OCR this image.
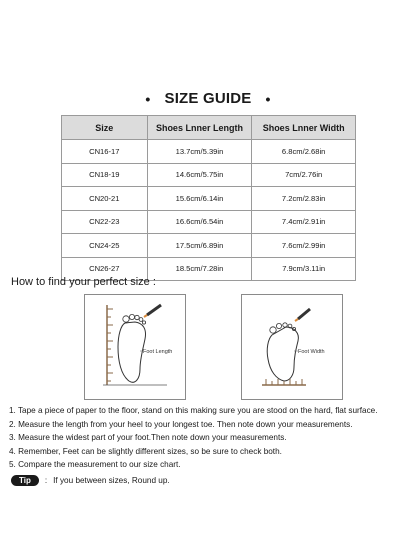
• SIZE GUIDE •
Size	Shoes Lnner Length	Shoes Lnner Width
CN16-17	13.7cm/5.39in	6.8cm/2.68in
CN18-19	14.6cm/5.75in	7cm/2.76in
CN20-21	15.6cm/6.14in	7.2cm/2.83in
CN22-23	16.6cm/6.54in	7.4cm/2.91in
CN24-25	17.5cm/6.89in	7.6cm/2.99in
CN26-27	18.5cm/7.28in	7.9cm/3.11in
How to find your perfect size :
Foot Length	Foot Width
1. Tape a piece of paper to the floor, stand on this making sure you are stood on the hard, flat surface.
2. Measure the length from your heel to your longest toe. Then note down your measurements.
3. Measure the widest part of your foot.Then note down your measurements.
4. Remember, Feet can be slightly different sizes, so be sure to check both.
5. Compare the measurement to our size chart.
Tip	: If you between sizes, Round up.
